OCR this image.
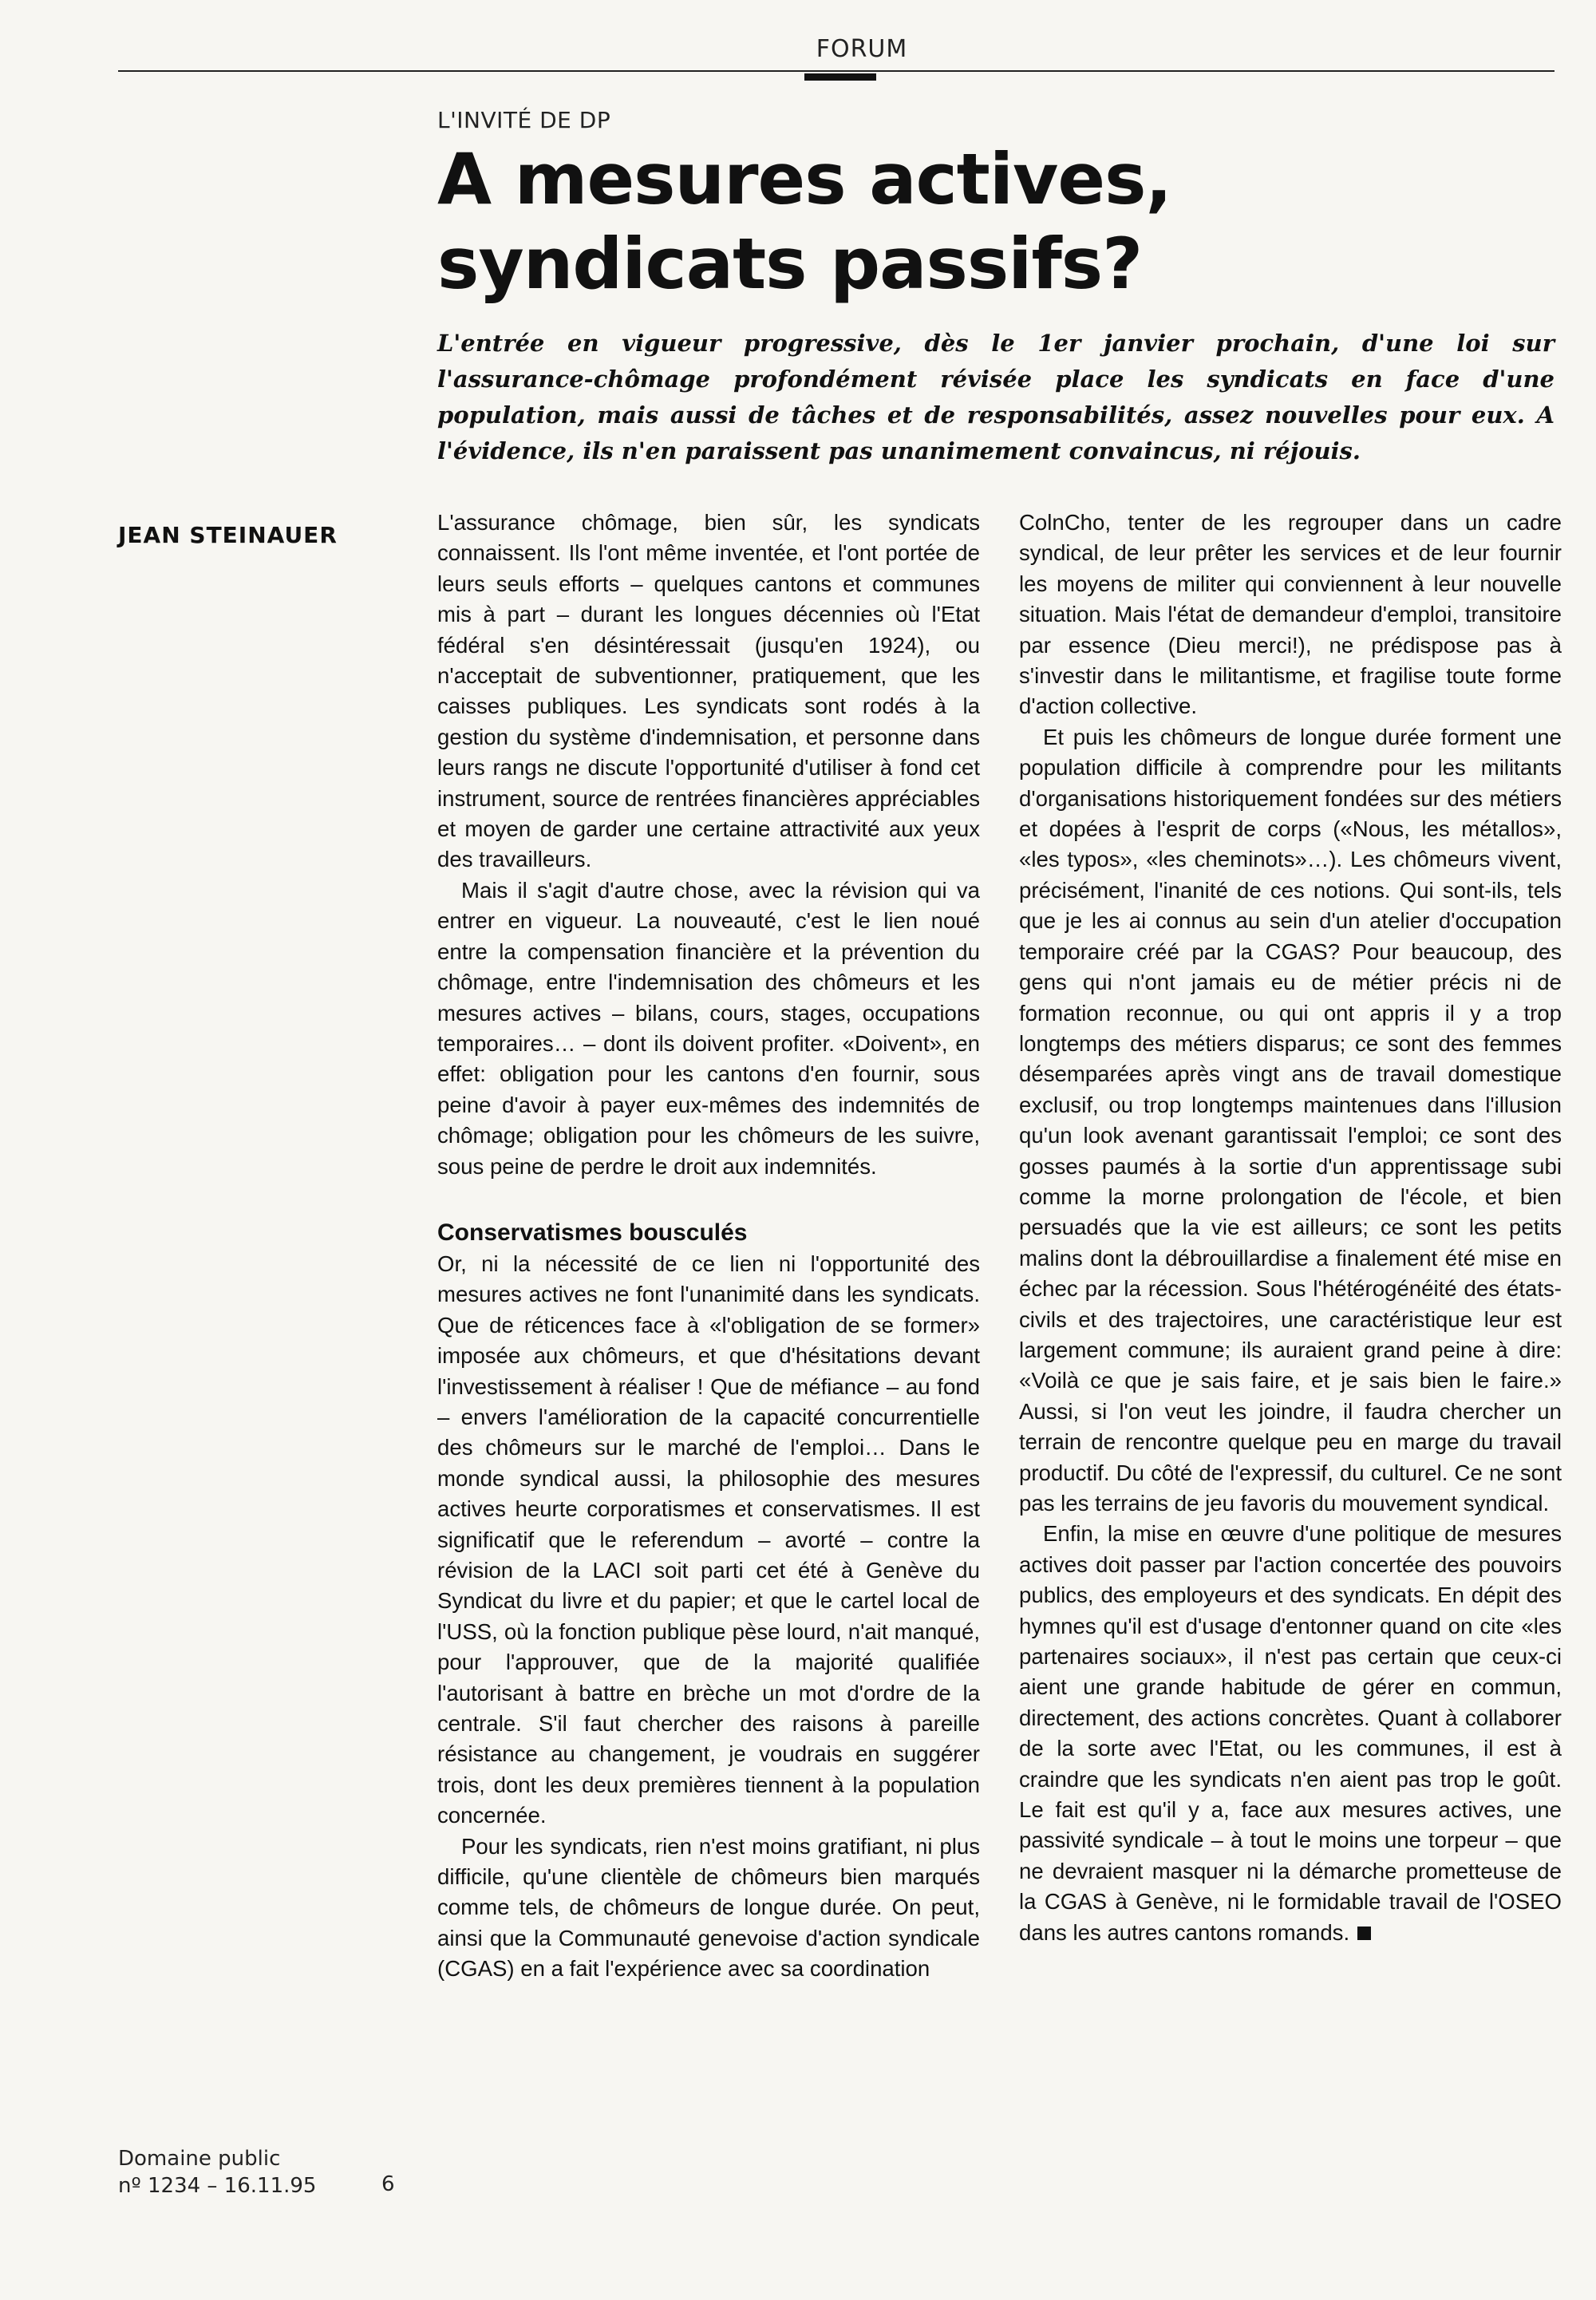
FORUM
L'INVITÉ DE DP
A mesures actives, syndicats passifs?

L'entrée en vigueur progressive, dès le 1er janvier prochain, d'une loi sur l'assurance-chômage profondément révisée place les syndicats en face d'une population, mais aussi de tâches et de responsabilités, assez nouvelles pour eux. A l'évidence, ils n'en paraissent pas unanimement convaincus, ni réjouis.

JEAN STEINAUER	L'assurance chômage, bien sûr, les syndicats connaissent. Ils l'ont même inventée, et l'ont portée de leurs seuls efforts – quelques cantons et communes mis à part – durant les longues décennies où l'Etat fédéral s'en désintéressait (jusqu'en 1924), ou n'acceptait de subventionner, pratiquement, que les caisses publiques. Les syndicats sont rodés à la gestion du système d'indemnisation, et personne dans leurs rangs ne discute l'opportunité d'utiliser à fond cet instrument, source de rentrées financières appréciables et moyen de garder une certaine attractivité aux yeux des travailleurs.

Mais il s'agit d'autre chose, avec la révision qui va entrer en vigueur. La nouveauté, c'est le lien noué entre la compensation financière et la prévention du chômage, entre l'indemnisation des chômeurs et les mesures actives – bilans, cours, stages, occupations temporaires… – dont ils doivent profiter. «Doivent», en effet: obligation pour les cantons d'en fournir, sous peine d'avoir à payer eux-mêmes des indemnités de chômage; obligation pour les chômeurs de les suivre, sous peine de perdre le droit aux indemnités.

Conservatismes bousculés

Or, ni la nécessité de ce lien ni l'opportunité des mesures actives ne font l'unanimité dans les syndicats. Que de réticences face à «l'obligation de se former» imposée aux chômeurs, et que d'hésitations devant l'investissement à réaliser ! Que de méfiance – au fond – envers l'amélioration de la capacité concurrentielle des chômeurs sur le marché de l'emploi… Dans le monde syndical aussi, la philosophie des mesures actives heurte corporatismes et conservatismes. Il est significatif que le referendum – avorté – contre la révision de la LACI soit parti cet été à Genève du Syndicat du livre et du papier; et que le cartel local de l'USS, où la fonction publique pèse lourd, n'ait manqué, pour l'approuver, que de la majorité qualifiée l'autorisant à battre en brèche un mot d'ordre de la centrale. S'il faut chercher des raisons à pareille résistance au changement, je voudrais en suggérer trois, dont les deux premières tiennent à la population concernée.

Pour les syndicats, rien n'est moins gratifiant, ni plus difficile, qu'une clientèle de chômeurs bien marqués comme tels, de chômeurs de longue durée. On peut, ainsi que la Communauté genevoise d'action syndicale (CGAS) en a fait l'expérience avec sa coordination

ColnCho, tenter de les regrouper dans un cadre syndical, de leur prêter les services et de leur fournir les moyens de militer qui conviennent à leur nouvelle situation. Mais l'état de demandeur d'emploi, transitoire par essence (Dieu merci!), ne prédispose pas à s'investir dans le militantisme, et fragilise toute forme d'action collective.

Et puis les chômeurs de longue durée forment une population difficile à comprendre pour les militants d'organisations historiquement fondées sur des métiers et dopées à l'esprit de corps («Nous, les métallos», «les typos», «les cheminots»…). Les chômeurs vivent, précisément, l'inanité de ces notions. Qui sont-ils, tels que je les ai connus au sein d'un atelier d'occupation temporaire créé par la CGAS? Pour beaucoup, des gens qui n'ont jamais eu de métier précis ni de formation reconnue, ou qui ont appris il y a trop longtemps des métiers disparus; ce sont des femmes désemparées après vingt ans de travail domestique exclusif, ou trop longtemps maintenues dans l'illusion qu'un look avenant garantissait l'emploi; ce sont des gosses paumés à la sortie d'un apprentissage subi comme la morne prolongation de l'école, et bien persuadés que la vie est ailleurs; ce sont les petits malins dont la débrouillardise a finalement été mise en échec par la récession. Sous l'hétérogénéité des états-civils et des trajectoires, une caractéristique leur est largement commune; ils auraient grand peine à dire: «Voilà ce que je sais faire, et je sais bien le faire.» Aussi, si l'on veut les joindre, il faudra chercher un terrain de rencontre quelque peu en marge du travail productif. Du côté de l'expressif, du culturel. Ce ne sont pas les terrains de jeu favoris du mouvement syndical.

Enfin, la mise en œuvre d'une politique de mesures actives doit passer par l'action concertée des pouvoirs publics, des employeurs et des syndicats. En dépit des hymnes qu'il est d'usage d'entonner quand on cite «les partenaires sociaux», il n'est pas certain que ceux-ci aient une grande habitude de gérer en commun, directement, des actions concrètes. Quant à collaborer de la sorte avec l'Etat, ou les communes, il est à craindre que les syndicats n'en aient pas trop le goût. Le fait est qu'il y a, face aux mesures actives, une passivité syndicale – à tout le moins une torpeur – que ne devraient masquer ni la démarche prometteuse de la CGAS à Genève, ni le formidable travail de l'OSEO dans les autres cantons romands.

Domaine public
nº 1234 – 16.11.95	6
